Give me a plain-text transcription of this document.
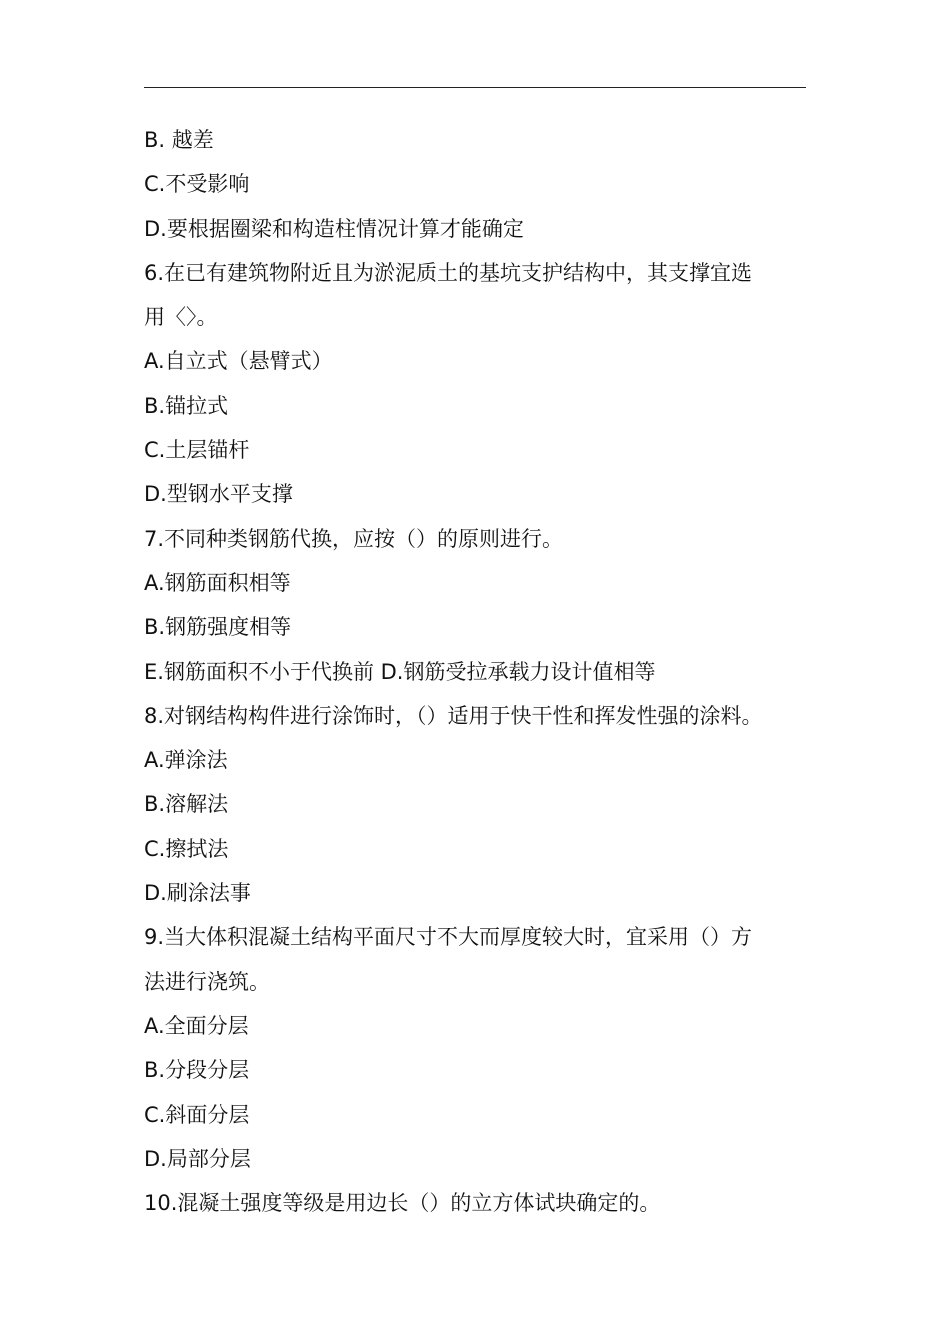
B. 越差
C.不受影响
D.要根据圈梁和构造柱情况计算才能确定
6.在已有建筑物附近且为淤泥质土的基坑支护结构中，其支撑宜选
用〈〉。
A.自立式（悬臂式）
B.锚拉式
C.土层锚杆
D.型钢水平支撑
7.不同种类钢筋代换，应按（）的原则进行。
A.钢筋面积相等
B.钢筋强度相等
E.钢筋面积不小于代换前 D.钢筋受拉承载力设计值相等
8.对钢结构构件进行涂饰时，（）适用于快干性和挥发性强的涂料。
A.弹涂法
B.溶解法
C.擦拭法
D.刷涂法事
9.当大体积混凝土结构平面尺寸不大而厚度较大时，宜采用（）方
法进行浇筑。
A.全面分层
B.分段分层
C.斜面分层
D.局部分层
10.混凝土强度等级是用边长（）的立方体试块确定的。
